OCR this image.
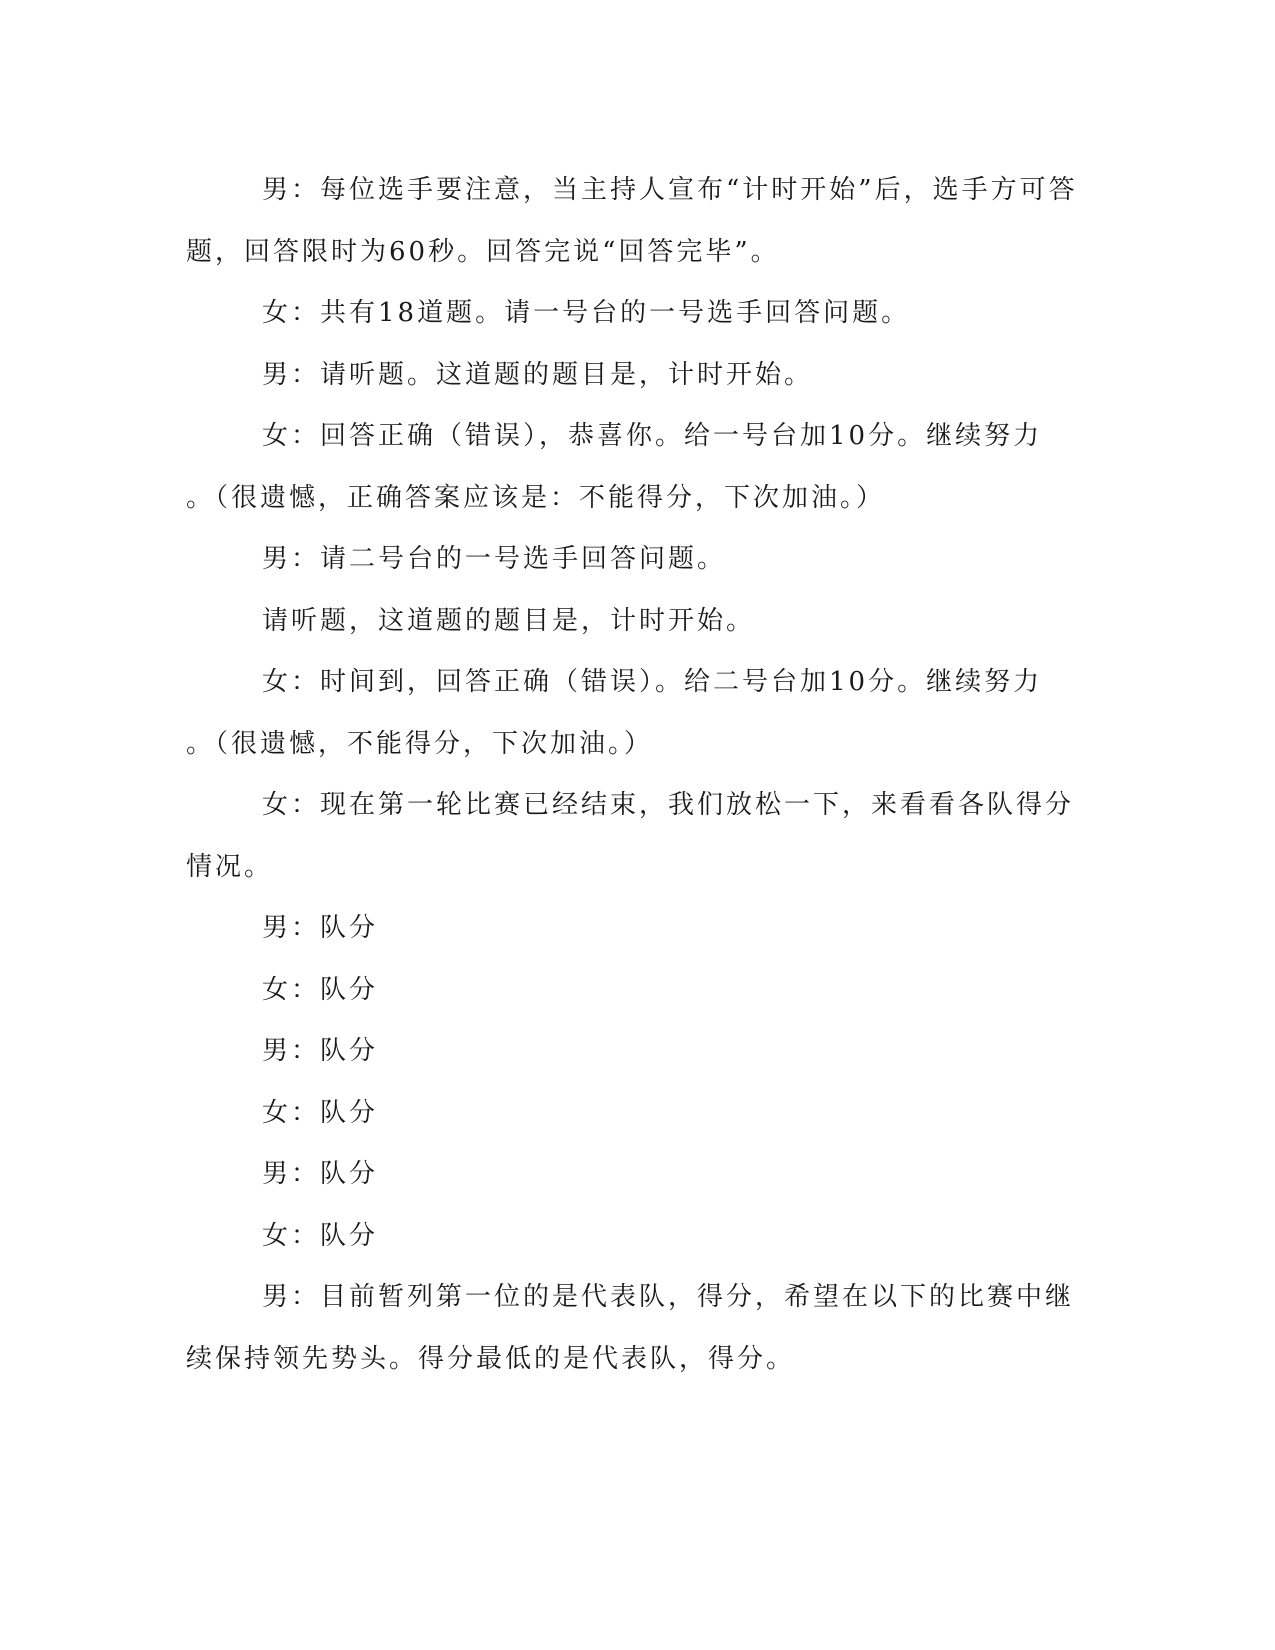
男：每位选手要注意，当主持人宣布“计时开始”后，选手方可答
题，回答限时为60秒。回答完说“回答完毕”。

女：共有18道题。请一号台的一号选手回答问题。

男：请听题。这道题的题目是，计时开始。

女：回答正确（错误），恭喜你。给一号台加10分。继续努力
。（很遗憾，正确答案应该是：不能得分，下次加油。）

男：请二号台的一号选手回答问题。

请听题，这道题的题目是，计时开始。

女：时间到，回答正确（错误）。给二号台加10分。继续努力
。（很遗憾，不能得分，下次加油。）

女：现在第一轮比赛已经结束，我们放松一下，来看看各队得分
情况。

男：队分

女：队分

男：队分

女：队分

男：队分

女：队分

男：目前暂列第一位的是代表队，得分，希望在以下的比赛中继
续保持领先势头。得分最低的是代表队，得分。
